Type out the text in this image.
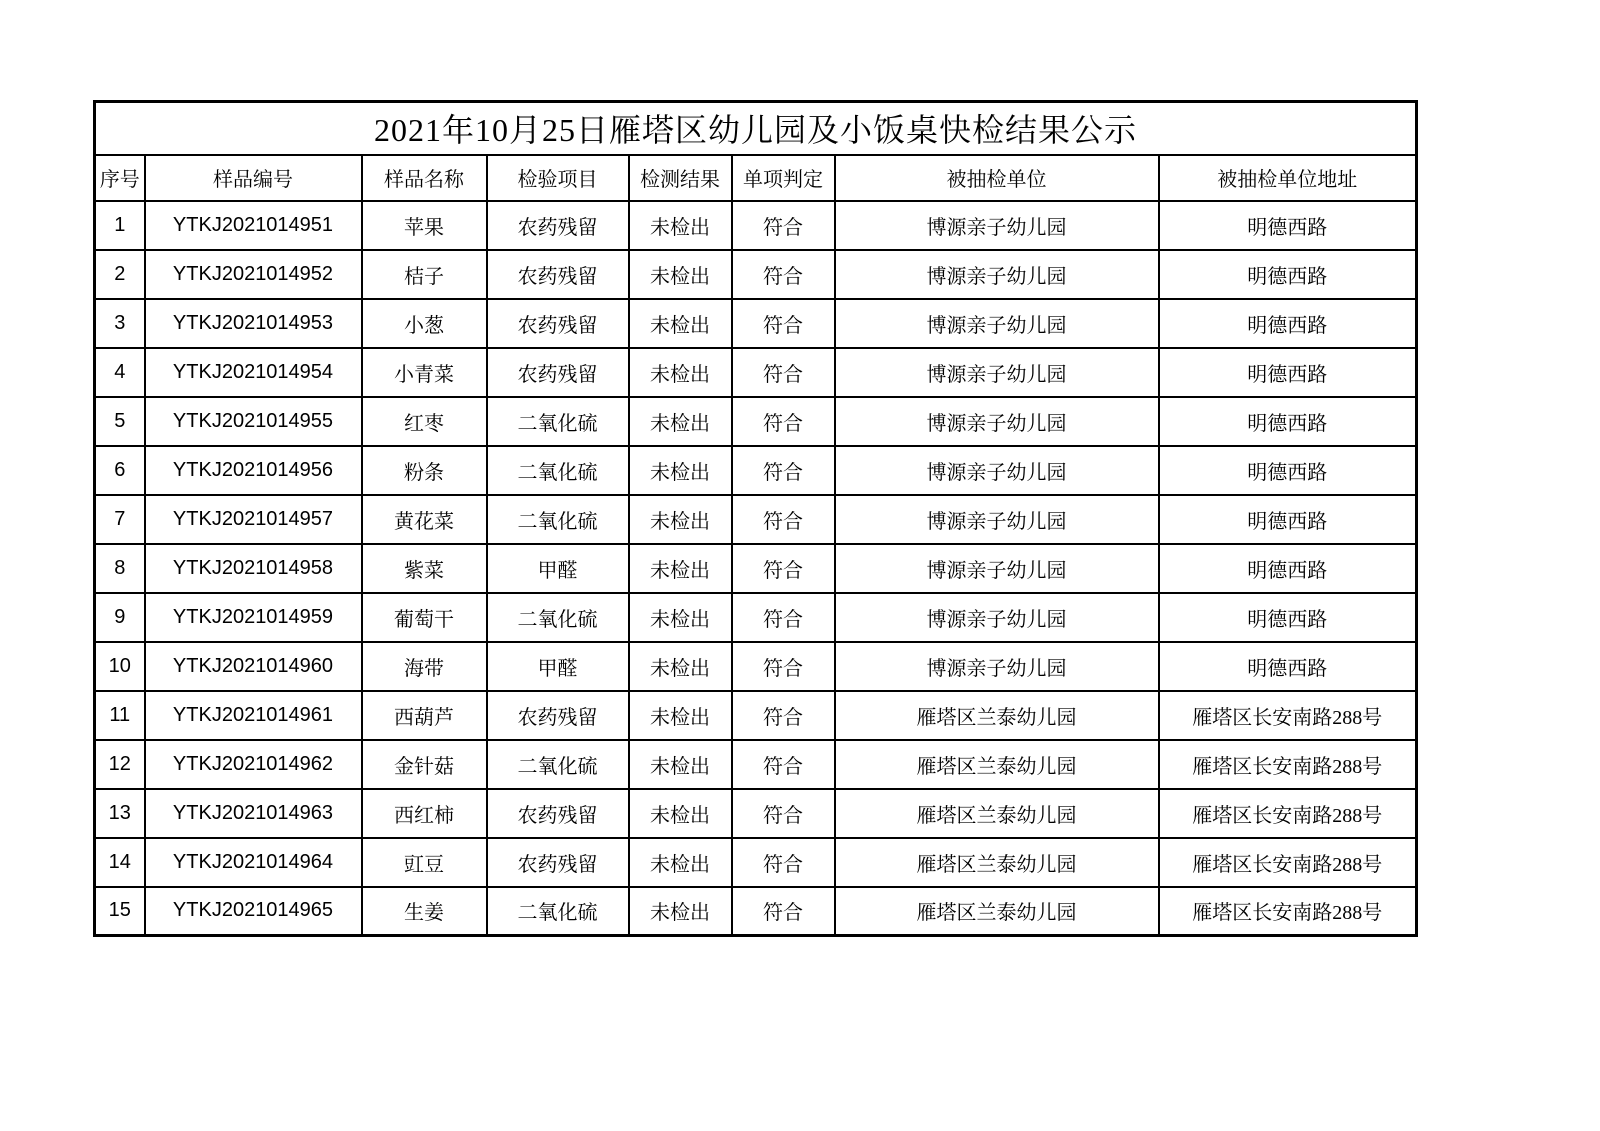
2021年10月25日雁塔区幼儿园及小饭桌快检结果公示							
序号	样品编号	样品名称	检验项目	检测结果	单项判定	被抽检单位	被抽检单位地址
1	YTKJ2021014951	苹果	农药残留	未检出	符合	博源亲子幼儿园	明德西路
2	YTKJ2021014952	桔子	农药残留	未检出	符合	博源亲子幼儿园	明德西路
3	YTKJ2021014953	小葱	农药残留	未检出	符合	博源亲子幼儿园	明德西路
4	YTKJ2021014954	小青菜	农药残留	未检出	符合	博源亲子幼儿园	明德西路
5	YTKJ2021014955	红枣	二氧化硫	未检出	符合	博源亲子幼儿园	明德西路
6	YTKJ2021014956	粉条	二氧化硫	未检出	符合	博源亲子幼儿园	明德西路
7	YTKJ2021014957	黄花菜	二氧化硫	未检出	符合	博源亲子幼儿园	明德西路
8	YTKJ2021014958	紫菜	甲醛	未检出	符合	博源亲子幼儿园	明德西路
9	YTKJ2021014959	葡萄干	二氧化硫	未检出	符合	博源亲子幼儿园	明德西路
10	YTKJ2021014960	海带	甲醛	未检出	符合	博源亲子幼儿园	明德西路
11	YTKJ2021014961	西葫芦	农药残留	未检出	符合	雁塔区兰泰幼儿园	雁塔区长安南路288号
12	YTKJ2021014962	金针菇	二氧化硫	未检出	符合	雁塔区兰泰幼儿园	雁塔区长安南路288号
13	YTKJ2021014963	西红柿	农药残留	未检出	符合	雁塔区兰泰幼儿园	雁塔区长安南路288号
14	YTKJ2021014964	豇豆	农药残留	未检出	符合	雁塔区兰泰幼儿园	雁塔区长安南路288号
15	YTKJ2021014965	生姜	二氧化硫	未检出	符合	雁塔区兰泰幼儿园	雁塔区长安南路288号
